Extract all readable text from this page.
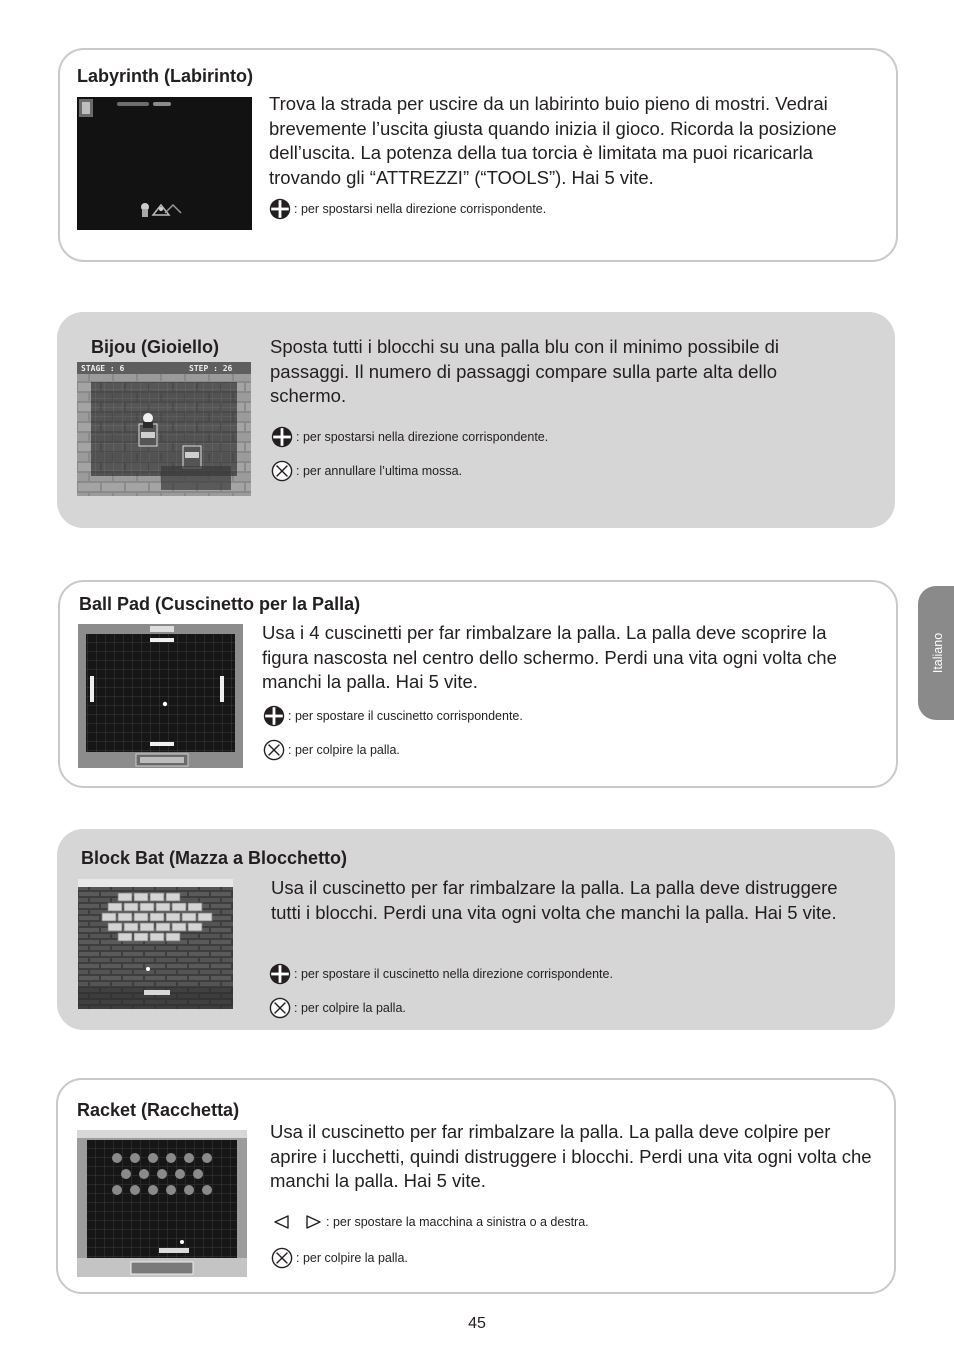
Labyrinth (Labirinto)
Trova la strada per uscire da un labirinto buio pieno di mostri. Vedrai brevemente l’uscita giusta quando inizia il gioco. Ricorda la posizione dell’uscita. La potenza della tua torcia è limitata ma puoi ricaricarla trovando gli “ATTREZZI” (“TOOLS”). Hai 5 vite.
: per spostarsi nella direzione corrispondente.
Bijou (Gioiello)
STAGE : 6	STEP : 26
Sposta tutti i blocchi su una palla blu con il minimo possibile di passaggi. Il numero di passaggi compare sulla parte alta dello schermo.
: per spostarsi nella direzione corrispondente.
: per annullare l’ultima mossa.
Ball Pad (Cuscinetto per la Palla)
Usa i 4 cuscinetti per far rimbalzare la palla. La palla deve scoprire la figura nascosta nel centro dello schermo. Perdi una vita ogni volta che manchi la palla. Hai 5 vite.
: per spostare il cuscinetto corrispondente.
: per colpire la palla.
Block Bat (Mazza a Blocchetto)
Usa il cuscinetto per far rimbalzare la palla. La palla deve distruggere tutti i blocchi. Perdi una vita ogni volta che manchi la palla. Hai 5 vite.
: per spostare il cuscinetto nella direzione corrispondente.
: per colpire la palla.
Racket (Racchetta)
Usa il cuscinetto per far rimbalzare la palla. La palla deve colpire per aprire i lucchetti, quindi distruggere i blocchi. Perdi una vita ogni volta che manchi la palla. Hai 5 vite.
: per spostare la macchina a sinistra o a destra.
: per colpire la palla.
Italiano
45
